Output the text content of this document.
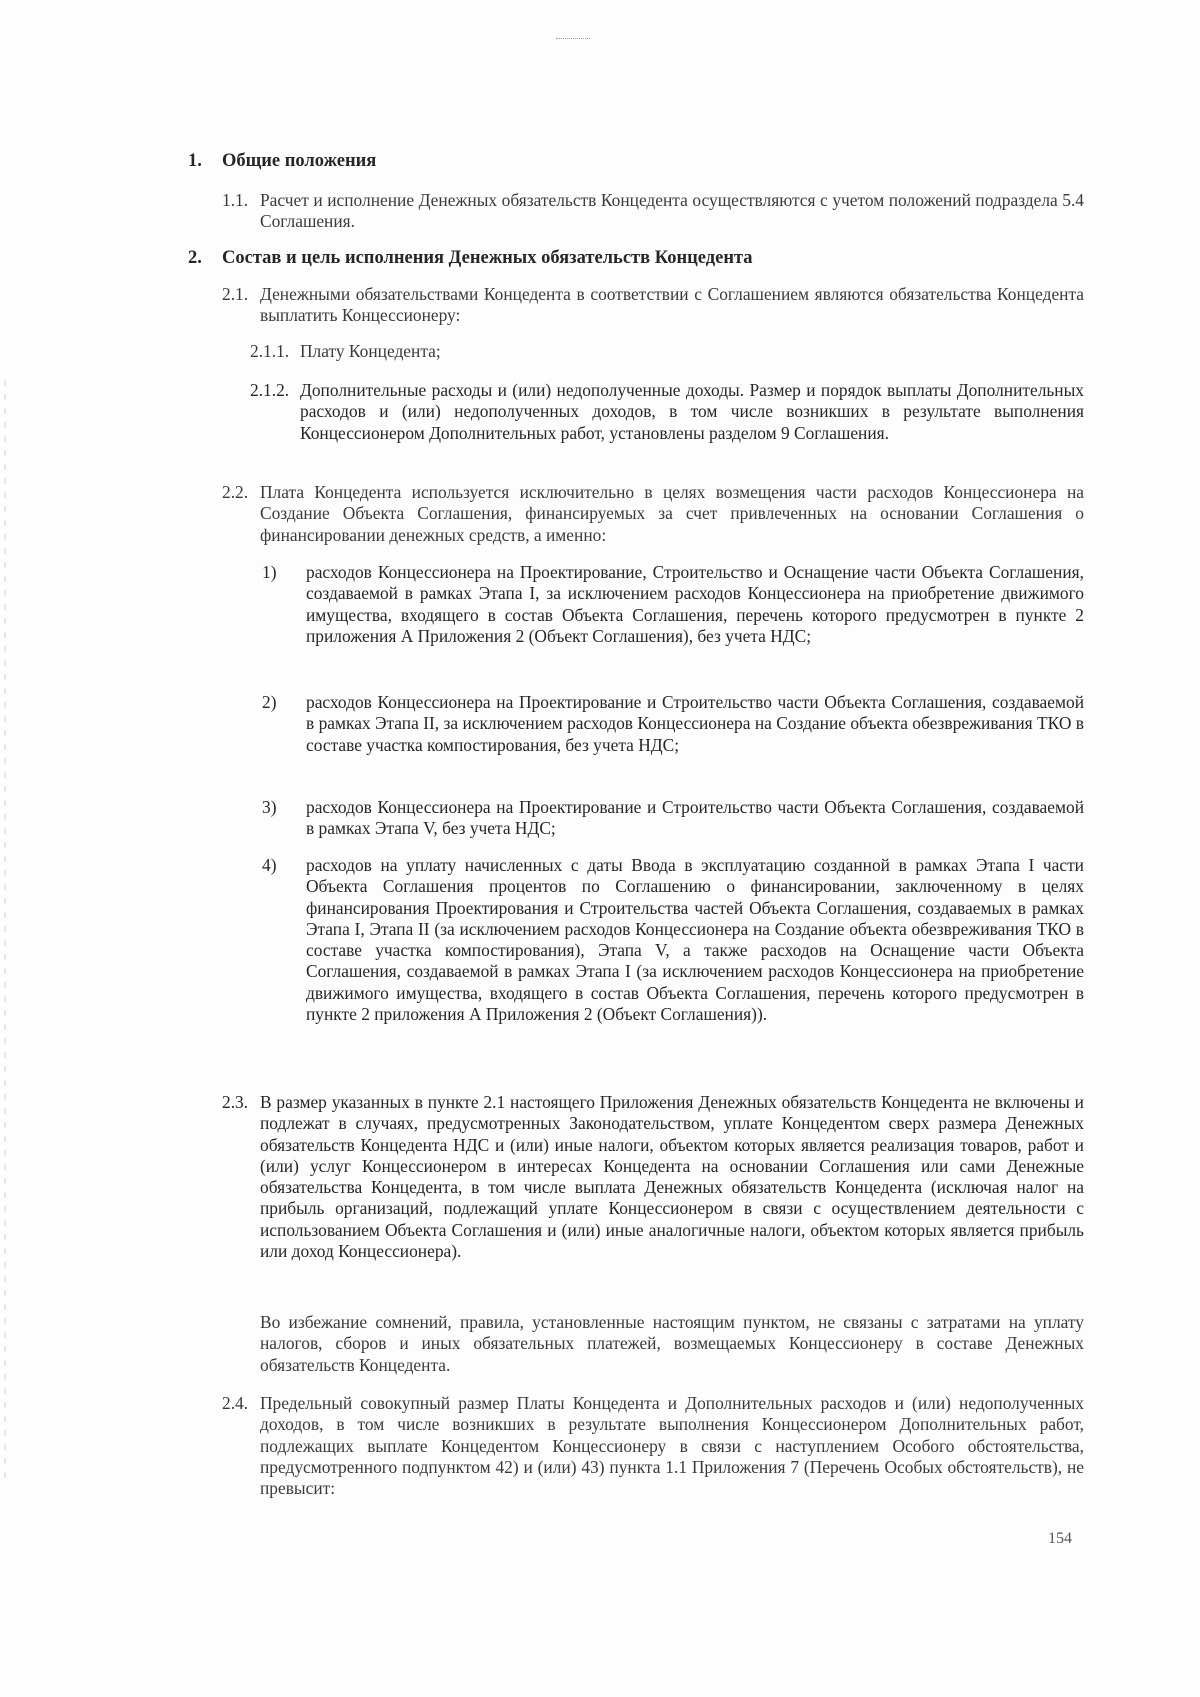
1. Общие положения
1.1. Расчет и исполнение Денежных обязательств Концедента осуществляются с учетом положений подраздела 5.4 Соглашения.
2. Состав и цель исполнения Денежных обязательств Концедента
2.1. Денежными обязательствами Концедента в соответствии с Соглашением являются обязательства Концедента выплатить Концессионеру:
2.1.1. Плату Концедента;
2.1.2. Дополнительные расходы и (или) недополученные доходы. Размер и порядок выплаты Дополнительных расходов и (или) недополученных доходов, в том числе возникших в результате выполнения Концессионером Дополнительных работ, установлены разделом 9 Соглашения.
2.2. Плата Концедента используется исключительно в целях возмещения части расходов Концессионера на Создание Объекта Соглашения, финансируемых за счет привлеченных на основании Соглашения о финансировании денежных средств, а именно:
1)	расходов Концессионера на Проектирование, Строительство и Оснащение части Объекта Соглашения, создаваемой в рамках Этапа I, за исключением расходов Концессионера на приобретение движимого имущества, входящего в состав Объекта Соглашения, перечень которого предусмотрен в пункте 2 приложения А Приложения 2 (Объект Соглашения), без учета НДС;
2)	расходов Концессионера на Проектирование и Строительство части Объекта Соглашения, создаваемой в рамках Этапа II, за исключением расходов Концессионера на Создание объекта обезвреживания ТКО в составе участка компостирования, без учета НДС;
3)	расходов Концессионера на Проектирование и Строительство части Объекта Соглашения, создаваемой в рамках Этапа V, без учета НДС;
4)	расходов на уплату начисленных с даты Ввода в эксплуатацию созданной в рамках Этапа I части Объекта Соглашения процентов по Соглашению о финансировании, заключенному в целях финансирования Проектирования и Строительства частей Объекта Соглашения, создаваемых в рамках Этапа I, Этапа II (за исключением расходов Концессионера на Создание объекта обезвреживания ТКО в составе участка компостирования), Этапа V, а также расходов на Оснащение части Объекта Соглашения, создаваемой в рамках Этапа I (за исключением расходов Концессионера на приобретение движимого имущества, входящего в состав Объекта Соглашения, перечень которого предусмотрен в пункте 2 приложения А Приложения 2 (Объект Соглашения)).
2.3. В размер указанных в пункте 2.1 настоящего Приложения Денежных обязательств Концедента не включены и подлежат в случаях, предусмотренных Законодательством, уплате Концедентом сверх размера Денежных обязательств Концедента НДС и (или) иные налоги, объектом которых является реализация товаров, работ и (или) услуг Концессионером в интересах Концедента на основании Соглашения или сами Денежные обязательства Концедента, в том числе выплата Денежных обязательств Концедента (исключая налог на прибыль организаций, подлежащий уплате Концессионером в связи с осуществлением деятельности с использованием Объекта Соглашения и (или) иные аналогичные налоги, объектом которых является прибыль или доход Концессионера).
Во избежание сомнений, правила, установленные настоящим пунктом, не связаны с затратами на уплату налогов, сборов и иных обязательных платежей, возмещаемых Концессионеру в составе Денежных обязательств Концедента.
2.4. Предельный совокупный размер Платы Концедента и Дополнительных расходов и (или) недополученных доходов, в том числе возникших в результате выполнения Концессионером Дополнительных работ, подлежащих выплате Концедентом Концессионеру в связи с наступлением Особого обстоятельства, предусмотренного подпунктом 42) и (или) 43) пункта 1.1 Приложения 7 (Перечень Особых обстоятельств), не превысит:
154
